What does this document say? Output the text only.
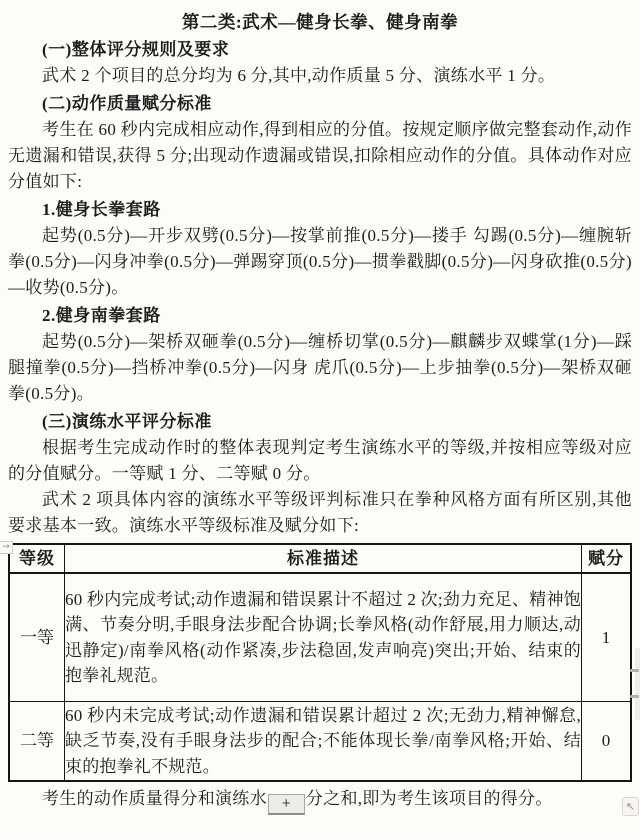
第二类:武术—健身长拳、健身南拳
(一)整体评分规则及要求

武术 2 个项目的总分均为 6 分,其中,动作质量 5 分、演练水平 1 分。

(二)动作质量赋分标准

考生在 60 秒内完成相应动作,得到相应的分值。按规定顺序做完整套动作,动作无遗漏和错误,获得 5 分;出现动作遗漏或错误,扣除相应动作的分值。具体动作对应分值如下:

1.健身长拳套路

起势(0.5分)—开步双劈(0.5分)—按掌前推(0.5分)—搂手 勾踢(0.5分)—缠腕斩拳(0.5分)—闪身冲拳(0.5分)—弹踢穿顶(0.5分)—掼拳戳脚(0.5分)—闪身砍推(0.5分)—收势(0.5分)。

2.健身南拳套路

起势(0.5分)—架桥双砸拳(0.5分)—缠桥切掌(0.5分)—麒麟步双蝶掌(1分)—踩腿撞拳(0.5分)—挡桥冲拳(0.5分)—闪身 虎爪(0.5分)—上步抽拳(0.5分)—架桥双砸拳(0.5分)。

(三)演练水平评分标准

根据考生完成动作时的整体表现判定考生演练水平的等级,并按相应等级对应的分值赋分。一等赋 1 分、二等赋 0 分。

武术 2 项具体内容的演练水平等级评判标准只在拳种风格方面有所区别,其他要求基本一致。演练水平等级标准及赋分如下:

等级	标准描述	赋分
一等	60 秒内完成考试;动作遗漏和错误累计不超过 2 次;劲力充足、精神饱满、节奏分明,手眼身法步配合协调;长拳风格(动作舒展,用力顺达,动迅静定)/南拳风格(动作紧凑,步法稳固,发声响亮)突出;开始、结束的抱拳礼规范。	1
二等	60 秒内未完成考试;动作遗漏和错误累计超过 2 次;无劲力,精神懈怠,缺乏节奏,没有手眼身法步的配合;不能体现长拳/南拳风格;开始、结束的抱拳礼不规范。	0

考生的动作质量得分和演练水 + 分之和,即为考生该项目的得分。

→
↖
